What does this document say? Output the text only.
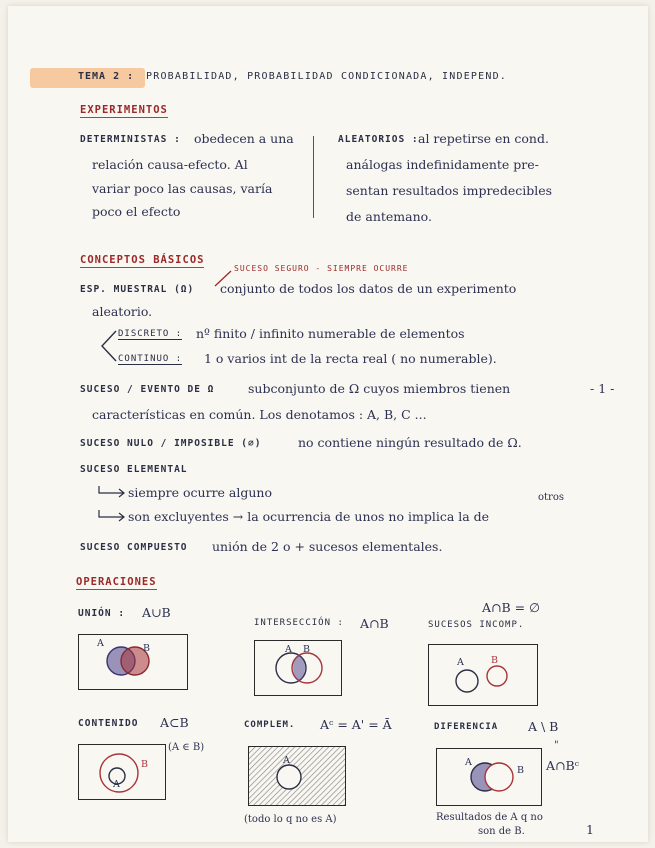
TEMA 2 : PROBABILIDAD, PROBABILIDAD CONDICIONADA, INDEPEND.
EXPERIMENTOS
DETERMINISTAS : obedecen a una
relación causa-efecto. Al
variar poco las causas, varía
poco el efecto
ALEATORIOS : al repetirse en cond.
análogas indefinidamente pre-
sentan resultados impredecibles
de antemano.
CONCEPTOS BÁSICOS
SUCESO SEGURO - SIEMPRE OCURRE
ESP. MUESTRAL (Ω) conjunto de todos los datos de un experimento
aleatorio.
DISCRETO : nº finito / infinito numerable de elementos
CONTINUO : 1 o varios int de la recta real ( no numerable).
SUCESO / EVENTO DE Ω	subconjunto de Ω cuyos miembros tienen
características en común. Los denotamos : A, B, C ...
- 1 -
SUCESO NULO / IMPOSIBLE (∅)	no contiene ningún resultado de Ω.
SUCESO ELEMENTAL
siempre ocurre alguno	otros
son excluyentes → la ocurrencia de unos no implica la de
SUCESO COMPUESTO unión de 2 o + sucesos elementales.
OPERACIONES
UNIÓN : A∪B
A	B
INTERSECCIÓN : A∩B
A B
A∩B = ∅
SUCESOS INCOMP.
A	B
CONTENIDO A⊂B
(A ∈ B)
A
B
COMPLEM. Aᶜ = A' = Ā
A
(todo lo q no es A)
DIFERENCIA A \ B
"
A∩Bᶜ
A
B
Resultados de A q no
son de B.	1
